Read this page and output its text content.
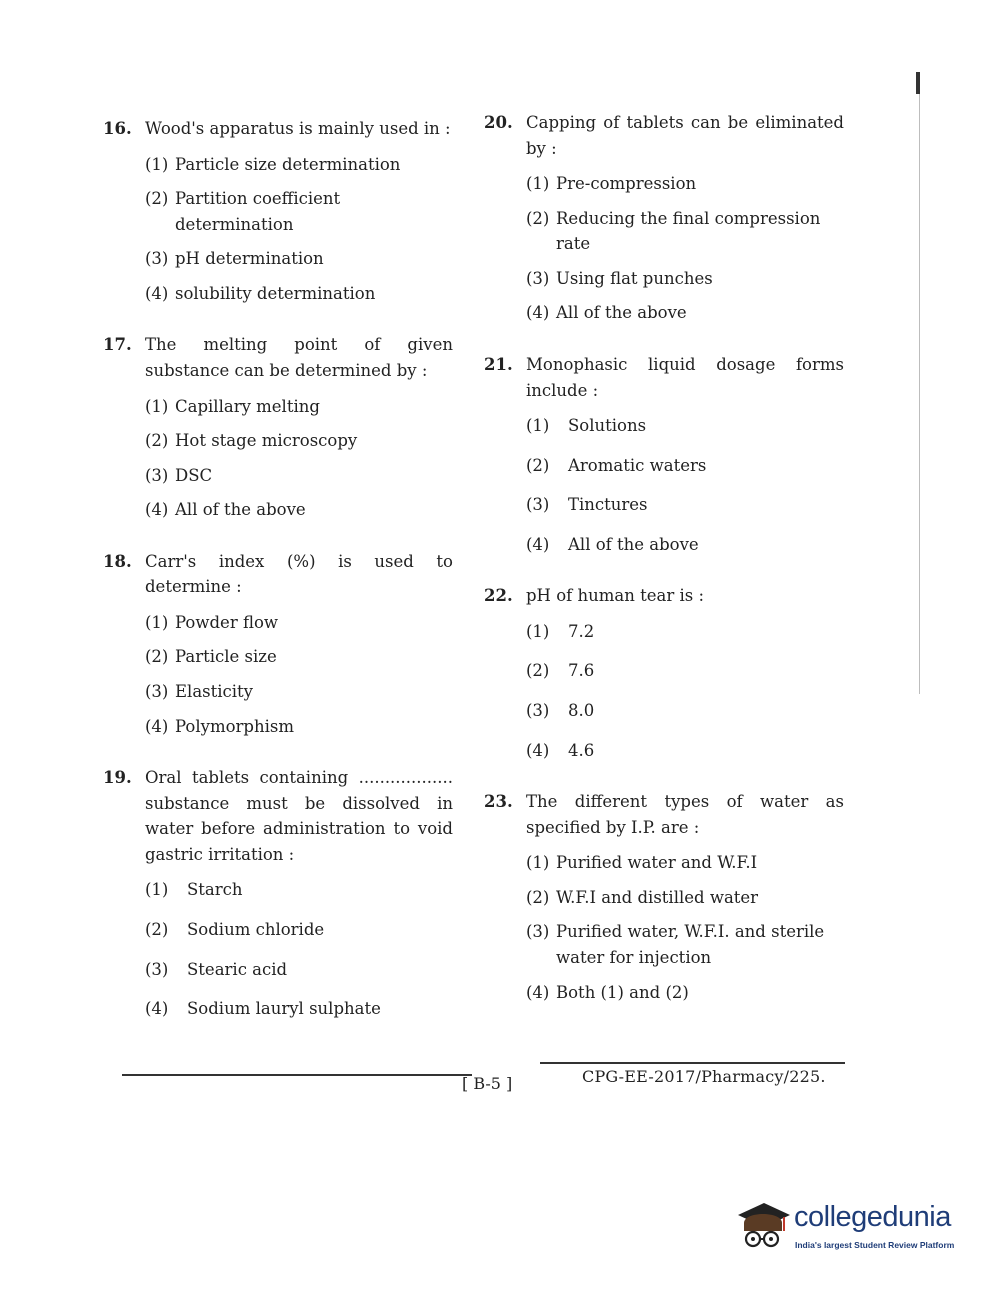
16. Wood's apparatus is mainly used in :
(1) Particle size determination
(2) Partition coefficient determination
(3) pH determination
(4) solubility determination
17. The melting point of given substance can be determined by :
(1) Capillary melting
(2) Hot stage microscopy
(3) DSC
(4) All of the above
18. Carr's index (%) is used to determine :
(1) Powder flow
(2) Particle size
(3) Elasticity
(4) Polymorphism
19. Oral tablets containing .................. substance must be dissolved in water before administration to void gastric irritation :
(1)	Starch
(2)	Sodium chloride
(3)	Stearic acid
(4)	Sodium lauryl sulphate
20. Capping of tablets can be eliminated by :
(1) Pre-compression
(2) Reducing the final compression rate
(3) Using flat punches
(4) All of the above
21. Monophasic liquid dosage forms include :
(1)	Solutions
(2)	Aromatic waters
(3)	Tinctures
(4)	All of the above
22. pH of human tear is :
(1)	7.2
(2)	7.6
(3)	8.0
(4)	4.6
23. The different types of water as specified by I.P. are :
(1) Purified water and W.F.I
(2) W.F.I and distilled water
(3) Purified water, W.F.I. and sterile water for injection
(4) Both (1) and (2)
[ B-5 ]	CPG-EE-2017/Pharmacy/225.
collegedunia
India's largest Student Review Platform
